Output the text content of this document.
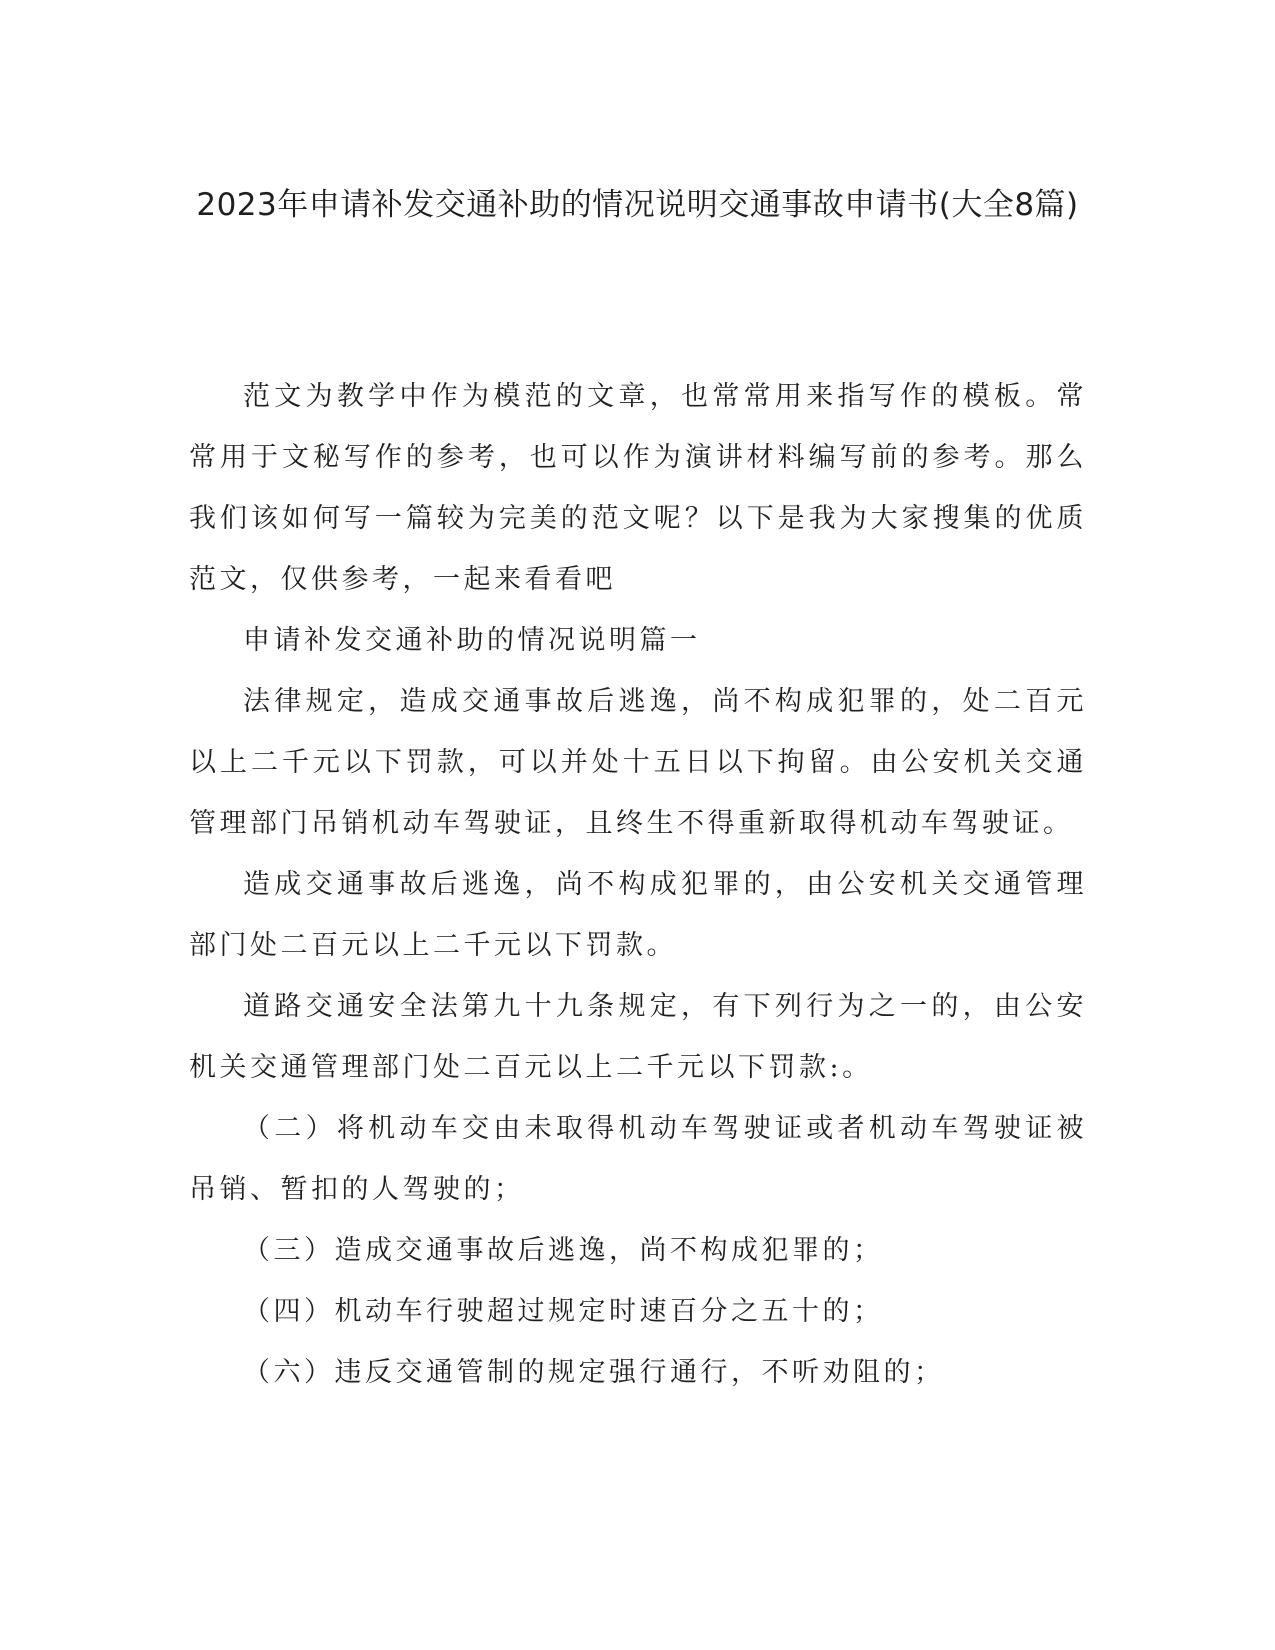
2023年申请补发交通补助的情况说明交通事故申请书(大全8篇)

范文为教学中作为模范的文章，也常常用来指写作的模板。常常用于文秘写作的参考，也可以作为演讲材料编写前的参考。那么我们该如何写一篇较为完美的范文呢？以下是我为大家搜集的优质范文，仅供参考，一起来看看吧

申请补发交通补助的情况说明篇一

法律规定，造成交通事故后逃逸，尚不构成犯罪的，处二百元以上二千元以下罚款，可以并处十五日以下拘留。由公安机关交通管理部门吊销机动车驾驶证，且终生不得重新取得机动车驾驶证。

造成交通事故后逃逸，尚不构成犯罪的，由公安机关交通管理部门处二百元以上二千元以下罚款。

道路交通安全法第九十九条规定，有下列行为之一的，由公安机关交通管理部门处二百元以上二千元以下罚款:。

（二）将机动车交由未取得机动车驾驶证或者机动车驾驶证被吊销、暂扣的人驾驶的；

（三）造成交通事故后逃逸，尚不构成犯罪的；

（四）机动车行驶超过规定时速百分之五十的；

（六）违反交通管制的规定强行通行，不听劝阻的；
